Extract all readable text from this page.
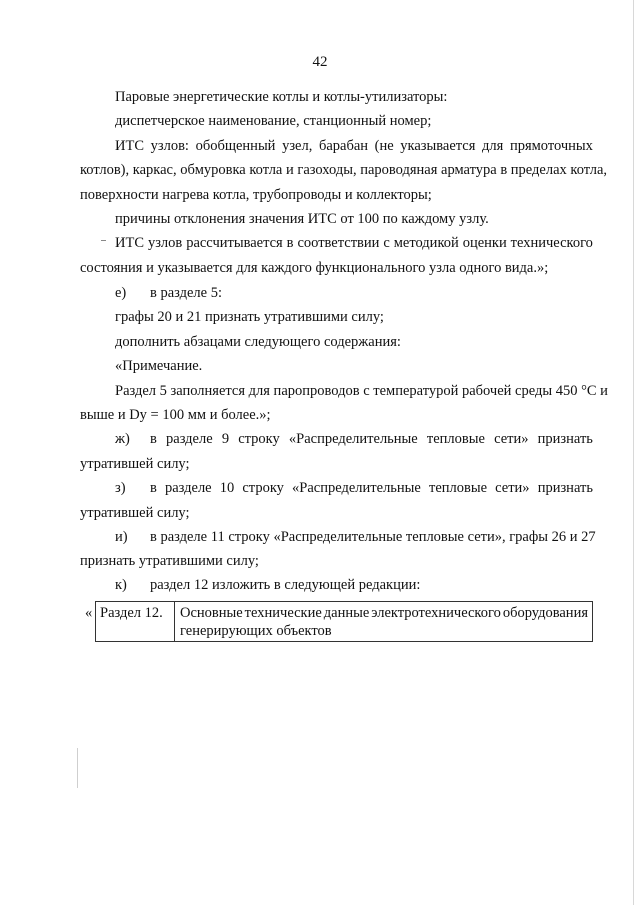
42
Паровые энергетические котлы и котлы-утилизаторы:
диспетчерское наименование, станционный номер;
ИТС узлов: обобщенный узел, барабан (не указывается для прямоточных
котлов), каркас, обмуровка котла и газоходы, пароводяная арматура в пределах котла,
поверхности нагрева котла, трубопроводы и коллекторы;
причины отклонения значения ИТС от 100 по каждому узлу.
ИТС узлов рассчитывается в соответствии с методикой оценки технического
состояния и указывается для каждого функционального узла одного вида.»;
е) в разделе 5:
графы 20 и 21 признать утратившими силу;
дополнить абзацами следующего содержания:
«Примечание.
Раздел 5 заполняется для паропроводов с температурой рабочей среды 450 °С и
выше и Dу = 100 мм и более.»;
ж) в разделе 9 строку «Распределительные тепловые сети» признать
утратившей силу;
з) в разделе 10 строку «Распределительные тепловые сети» признать
утратившей силу;
и) в разделе 11 строку «Распределительные тепловые сети», графы 26 и 27
признать утратившими силу;
к) раздел 12 изложить в следующей редакции:
« Раздел 12. Основные технические данные электротехнического оборудования
генерирующих объектов
